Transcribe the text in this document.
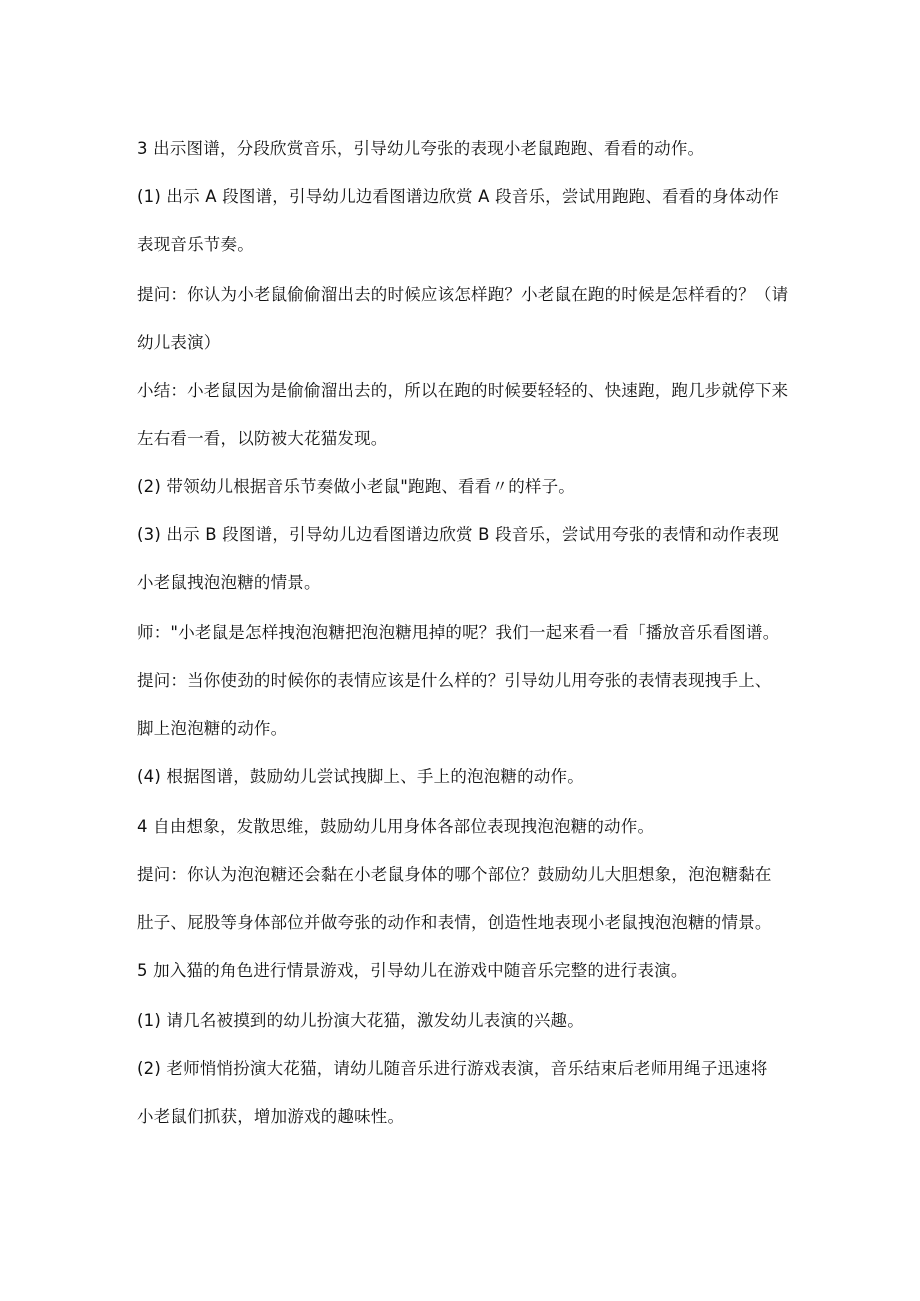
3 出示图谱，分段欣赏音乐，引导幼儿夸张的表现小老鼠跑跑、看看的动作。
(1) 出示 A 段图谱，引导幼儿边看图谱边欣赏 A 段音乐，尝试用跑跑、看看的身体动作
表现音乐节奏。
提问：你认为小老鼠偷偷溜出去的时候应该怎样跑？小老鼠在跑的时候是怎样看的？（请
幼儿表演）
小结：小老鼠因为是偷偷溜出去的，所以在跑的时候要轻轻的、快速跑，跑几步就停下来
左右看一看，以防被大花猫发现。
(2) 带领幼儿根据音乐节奏做小老鼠"跑跑、看看〃的样子。
(3) 出示 B 段图谱，引导幼儿边看图谱边欣赏 B 段音乐，尝试用夸张的表情和动作表现
小老鼠拽泡泡糖的情景。
师："小老鼠是怎样拽泡泡糖把泡泡糖甩掉的呢？我们一起来看一看「播放音乐看图谱。
提问：当你使劲的时候你的表情应该是什么样的？引导幼儿用夸张的表情表现拽手上、
脚上泡泡糖的动作。
(4) 根据图谱，鼓励幼儿尝试拽脚上、手上的泡泡糖的动作。
4 自由想象，发散思维，鼓励幼儿用身体各部位表现拽泡泡糖的动作。
提问：你认为泡泡糖还会黏在小老鼠身体的哪个部位？鼓励幼儿大胆想象，泡泡糖黏在
肚子、屁股等身体部位并做夸张的动作和表情，创造性地表现小老鼠拽泡泡糖的情景。
5 加入猫的角色进行情景游戏，引导幼儿在游戏中随音乐完整的进行表演。
(1) 请几名被摸到的幼儿扮演大花猫，激发幼儿表演的兴趣。
(2) 老师悄悄扮演大花猫，请幼儿随音乐进行游戏表演，音乐结束后老师用绳子迅速将
小老鼠们抓获，增加游戏的趣味性。
